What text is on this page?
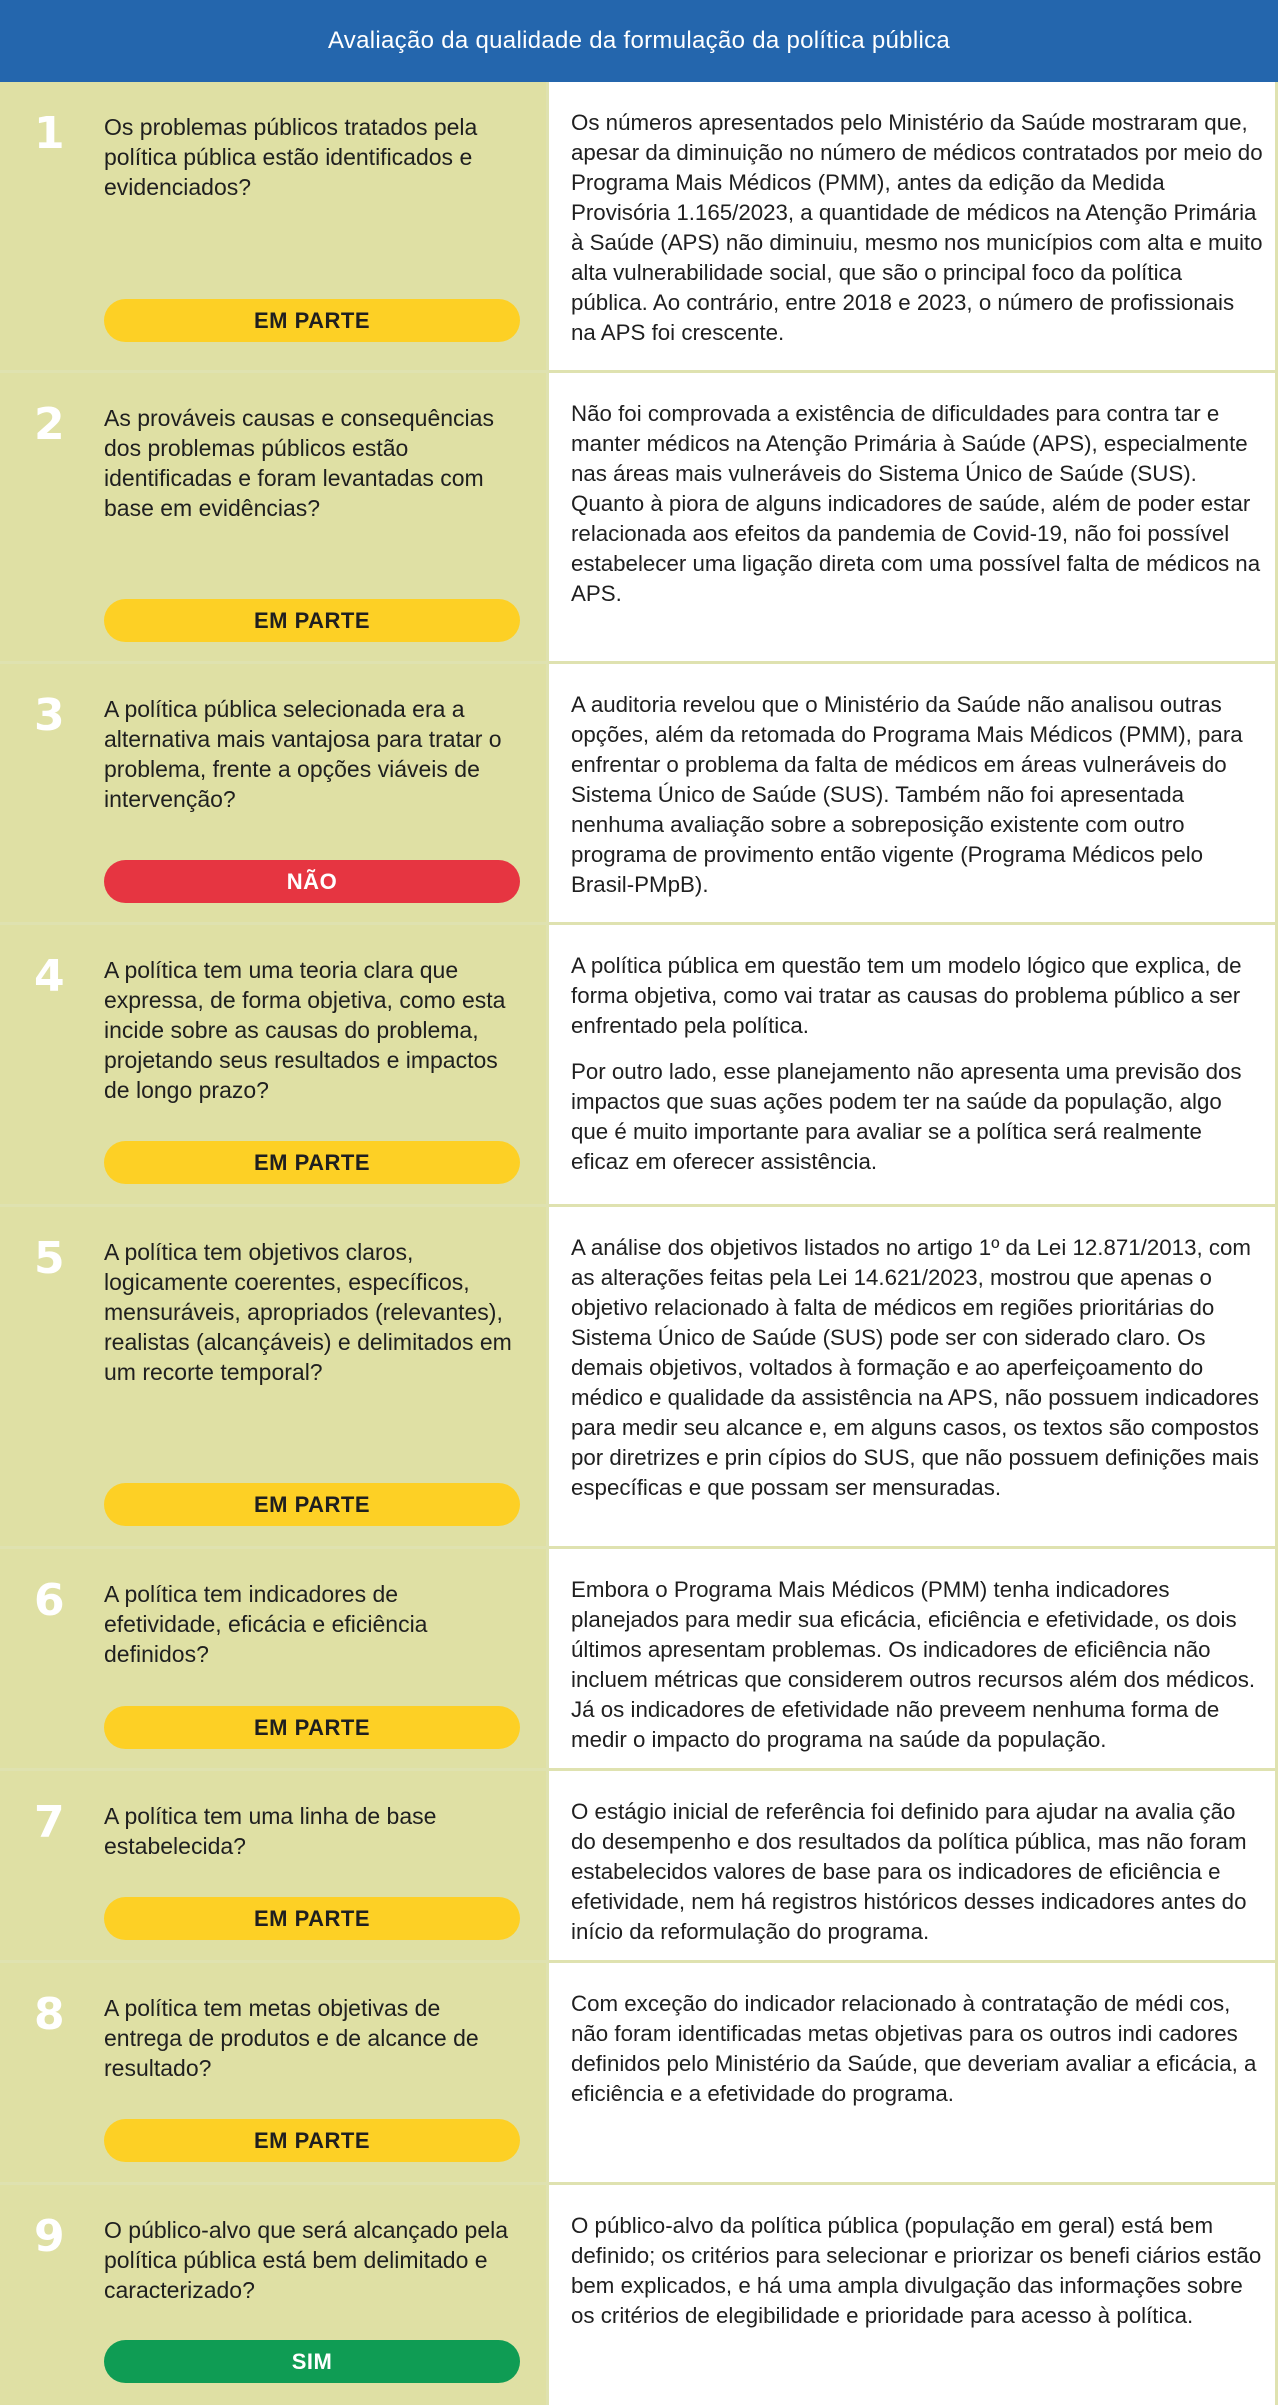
Avaliação da qualidade da formulação da política pública
1 Os problemas públicos tratados pela política pública estão identificados e evidenciados?
EM PARTE

Os números apresentados pelo Ministério da Saúde mostraram que, apesar da diminuição no número de médicos contratados por meio do Programa Mais Médicos (PMM), antes da edição da Medida Provisória 1.165/2023, a quantidade de médicos na Atenção Primária à Saúde (APS) não diminuiu, mesmo nos municípios com alta e muito alta vulnerabilidade social, que são o principal foco da política pública. Ao contrário, entre 2018 e 2023, o número de profissionais na APS foi crescente.

2 As prováveis causas e consequências dos problemas públicos estão identificadas e foram levantadas com base em evidências?
EM PARTE

Não foi comprovada a existência de dificuldades para contra tar e manter médicos na Atenção Primária à Saúde (APS), especialmente nas áreas mais vulneráveis do Sistema Único de Saúde (SUS). Quanto à piora de alguns indicadores de saúde, além de poder estar relacionada aos efeitos da pandemia de Covid-19, não foi possível estabelecer uma ligação direta com uma possível falta de médicos na APS.

3 A política pública selecionada era a alternativa mais vantajosa para tratar o problema, frente a opções viáveis de intervenção?
NÃO

A auditoria revelou que o Ministério da Saúde não analisou outras opções, além da retomada do Programa Mais Médicos (PMM), para enfrentar o problema da falta de médicos em áreas vulneráveis do Sistema Único de Saúde (SUS). Também não foi apresentada nenhuma avaliação sobre a sobreposição existente com outro programa de provimento então vigente (Programa Médicos pelo Brasil-PMpB).

4 A política tem uma teoria clara que expressa, de forma objetiva, como esta incide sobre as causas do problema, projetando seus resultados e impactos de longo prazo?
EM PARTE

A política pública em questão tem um modelo lógico que explica, de forma objetiva, como vai tratar as causas do problema público a ser enfrentado pela política.

Por outro lado, esse planejamento não apresenta uma previsão dos impactos que suas ações podem ter na saúde da população, algo que é muito importante para avaliar se a política será realmente eficaz em oferecer assistência.

5 A política tem objetivos claros, logicamente coerentes, específicos, mensuráveis, apropriados (relevantes), realistas (alcançáveis) e delimitados em um recorte temporal?
EM PARTE

A análise dos objetivos listados no artigo 1º da Lei 12.871/2013, com as alterações feitas pela Lei 14.621/2023, mostrou que apenas o objetivo relacionado à falta de médicos em regiões prioritárias do Sistema Único de Saúde (SUS) pode ser con siderado claro. Os demais objetivos, voltados à formação e ao aperfeiçoamento do médico e qualidade da assistência na APS, não possuem indicadores para medir seu alcance e, em alguns casos, os textos são compostos por diretrizes e prin cípios do SUS, que não possuem definições mais específicas e que possam ser mensuradas.

6 A política tem indicadores de efetividade, eficácia e eficiência definidos?
EM PARTE

Embora o Programa Mais Médicos (PMM) tenha indicadores planejados para medir sua eficácia, eficiência e efetividade, os dois últimos apresentam problemas. Os indicadores de eficiência não incluem métricas que considerem outros recursos além dos médicos. Já os indicadores de efetividade não preveem nenhuma forma de medir o impacto do programa na saúde da população.

7 A política tem uma linha de base estabelecida?
EM PARTE

O estágio inicial de referência foi definido para ajudar na avalia ção do desempenho e dos resultados da política pública, mas não foram estabelecidos valores de base para os indicadores de eficiência e efetividade, nem há registros históricos desses indicadores antes do início da reformulação do programa.

8 A política tem metas objetivas de entrega de produtos e de alcance de resultado?
EM PARTE

Com exceção do indicador relacionado à contratação de médi cos, não foram identificadas metas objetivas para os outros indi cadores definidos pelo Ministério da Saúde, que deveriam avaliar a eficácia, a eficiência e a efetividade do programa.

9 O público-alvo que será alcançado pela política pública está bem delimitado e caracterizado?
SIM

O público-alvo da política pública (população em geral) está bem definido; os critérios para selecionar e priorizar os benefi ciários estão bem explicados, e há uma ampla divulgação das informações sobre os critérios de elegibilidade e prioridade para acesso à política.
